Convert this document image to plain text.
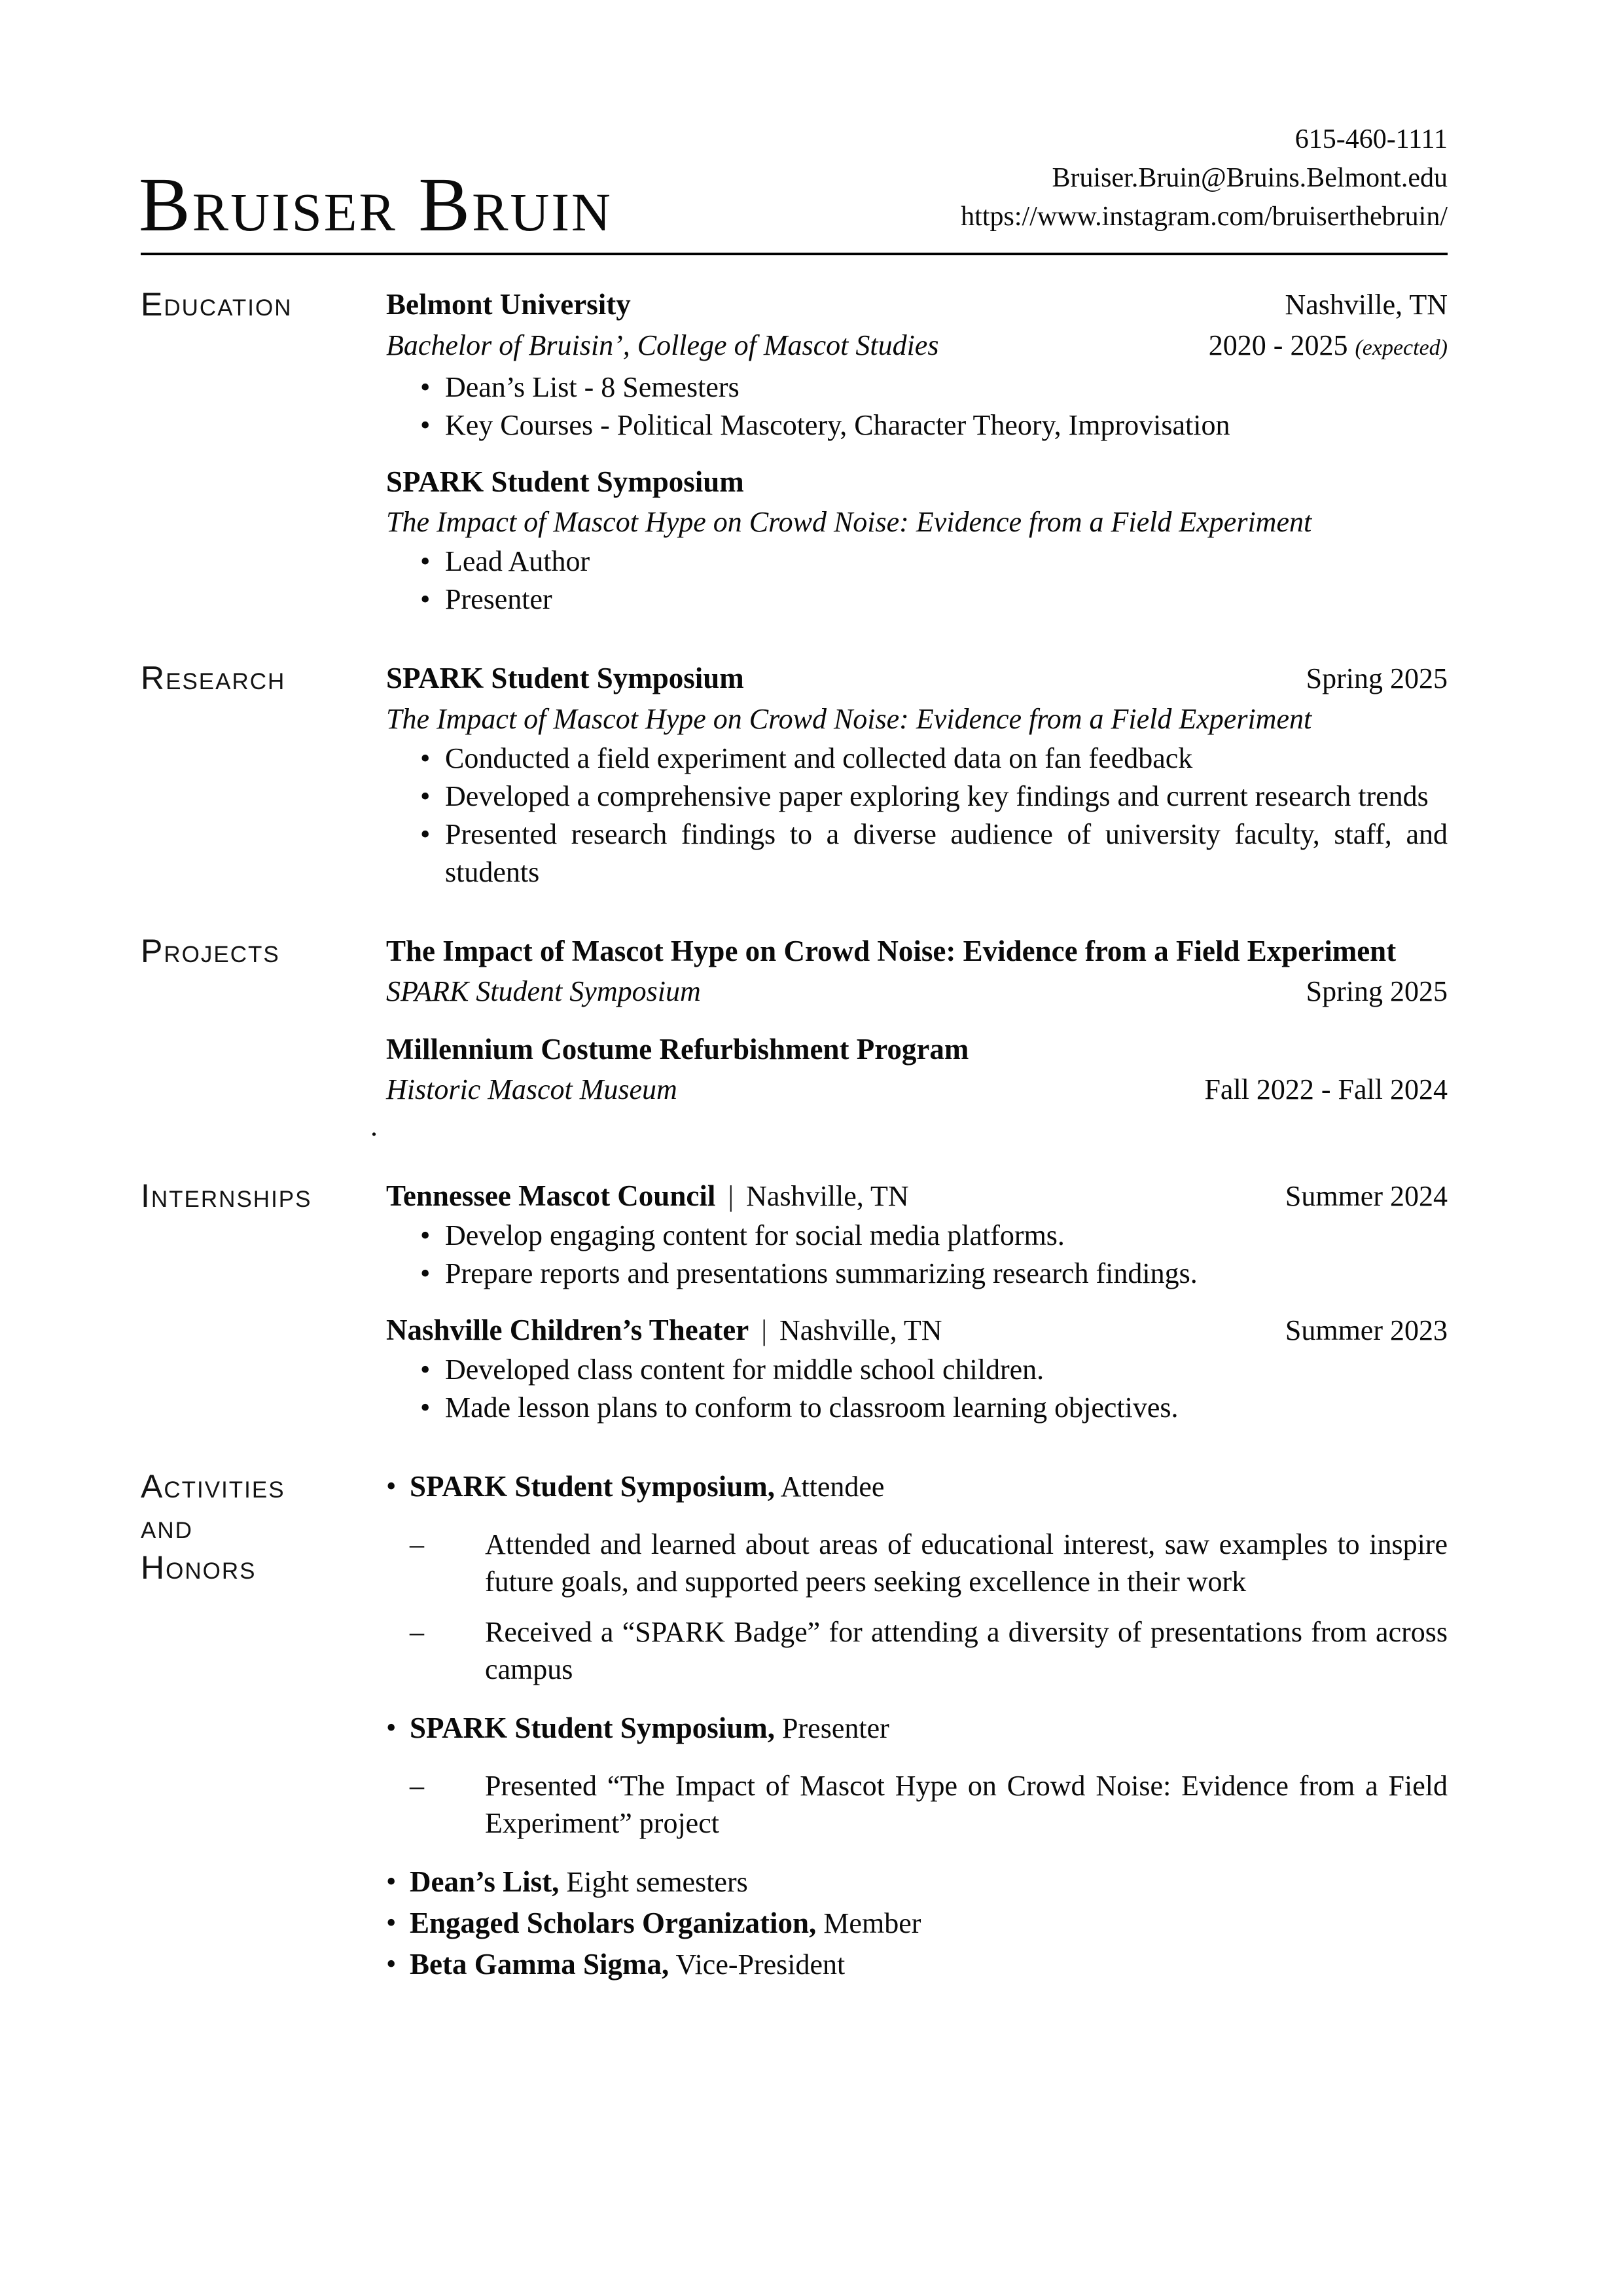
Bruiser Bruin
615-460-1111
Bruiser.Bruin@Bruins.Belmont.edu
https://www.instagram.com/bruiserthebruin/
Education	Belmont University	Nashville, TN
Bachelor of Bruisin’, College of Mascot Studies	2020 - 2025 (expected)
• Dean’s List - 8 Semesters
• Key Courses - Political Mascotery, Character Theory, Improvisation
SPARK Student Symposium
The Impact of Mascot Hype on Crowd Noise: Evidence from a Field Experiment
• Lead Author
• Presenter
Research	SPARK Student Symposium	Spring 2025
The Impact of Mascot Hype on Crowd Noise: Evidence from a Field Experiment
• Conducted a field experiment and collected data on fan feedback
• Developed a comprehensive paper exploring key findings and current research trends
• Presented research findings to a diverse audience of university faculty, staff, and students
Projects	The Impact of Mascot Hype on Crowd Noise: Evidence from a Field Experiment
SPARK Student Symposium	Spring 2025
Millennium Costume Refurbishment Program
Historic Mascot Museum	Fall 2022 - Fall 2024
.
Internships	Tennessee Mascot Council | Nashville, TN	Summer 2024
• Develop engaging content for social media platforms.
• Prepare reports and presentations summarizing research findings.
Nashville Children’s Theater | Nashville, TN	Summer 2023
• Developed class content for middle school children.
• Made lesson plans to conform to classroom learning objectives.
Activities
and
Honors
• SPARK Student Symposium, Attendee
– Attended and learned about areas of educational interest, saw examples to inspire future goals, and supported peers seeking excellence in their work
– Received a “SPARK Badge” for attending a diversity of presentations from across campus
• SPARK Student Symposium, Presenter
– Presented “The Impact of Mascot Hype on Crowd Noise: Evidence from a Field Experiment” project
• Dean’s List, Eight semesters
• Engaged Scholars Organization, Member
• Beta Gamma Sigma, Vice-President
